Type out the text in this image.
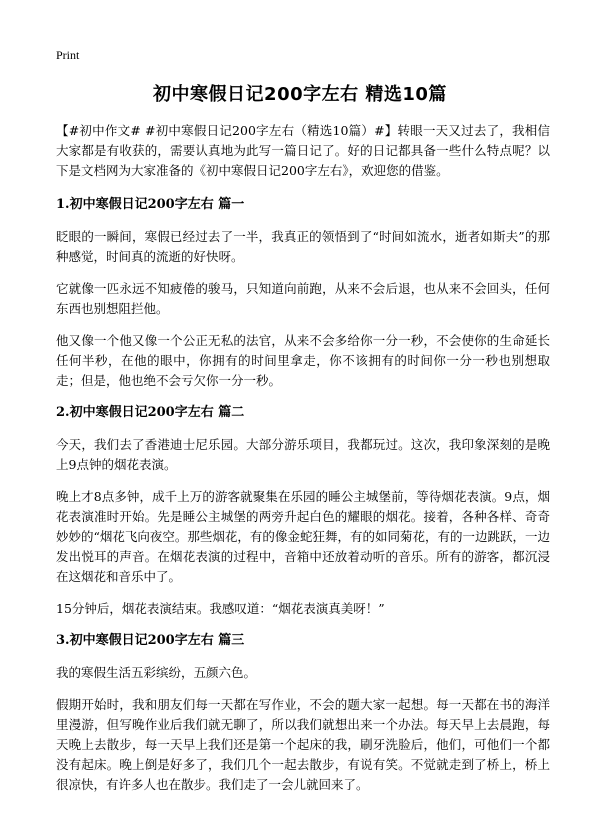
Print
初中寒假日记200字左右 精选10篇

【#初中作文# #初中寒假日记200字左右（精选10篇）#】转眼一天又过去了，我相信大家都是有收获的，需要认真地为此写一篇日记了。好的日记都具备一些什么特点呢？以下是文档网为大家准备的《初中寒假日记200字左右》，欢迎您的借鉴。

1.初中寒假日记200字左右 篇一

眨眼的一瞬间，寒假已经过去了一半，我真正的领悟到了“时间如流水，逝者如斯夫”的那种感觉，时间真的流逝的好快呀。

它就像一匹永远不知疲倦的骏马，只知道向前跑，从来不会后退，也从来不会回头，任何东西也别想阻拦他。

他又像一个他又像一个公正无私的法官，从来不会多给你一分一秒，不会使你的生命延长任何半秒，在他的眼中，你拥有的时间里拿走，你不该拥有的时间你一分一秒也别想取走；但是，他也绝不会亏欠你一分一秒。

2.初中寒假日记200字左右 篇二

今天，我们去了香港迪士尼乐园。大部分游乐项目，我都玩过。这次，我印象深刻的是晚上9点钟的烟花表演。

晚上才8点多钟，成千上万的游客就聚集在乐园的睡公主城堡前，等待烟花表演。9点，烟花表演准时开始。先是睡公主城堡的两旁升起白色的耀眼的烟花。接着，各种各样、奇奇妙妙的“烟花飞向夜空。那些烟花，有的像金蛇狂舞，有的如同菊花，有的一边跳跃，一边发出悦耳的声音。在烟花表演的过程中，音箱中还放着动听的音乐。所有的游客，都沉浸在这烟花和音乐中了。

15分钟后，烟花表演结束。我感叹道：“烟花表演真美呀！”

3.初中寒假日记200字左右 篇三

我的寒假生活五彩缤纷，五颜六色。

假期开始时，我和朋友们每一天都在写作业，不会的题大家一起想。每一天都在书的海洋里漫游，但写晚作业后我们就无聊了，所以我们就想出来一个办法。每天早上去晨跑，每天晚上去散步，每一天早上我们还是第一个起床的我，刷牙洗脸后，他们，可他们一个都没有起床。晚上倒是好多了，我们几个一起去散步，有说有笑。不觉就走到了桥上，桥上很凉快，有许多人也在散步。我们走了一会儿就回来了。
